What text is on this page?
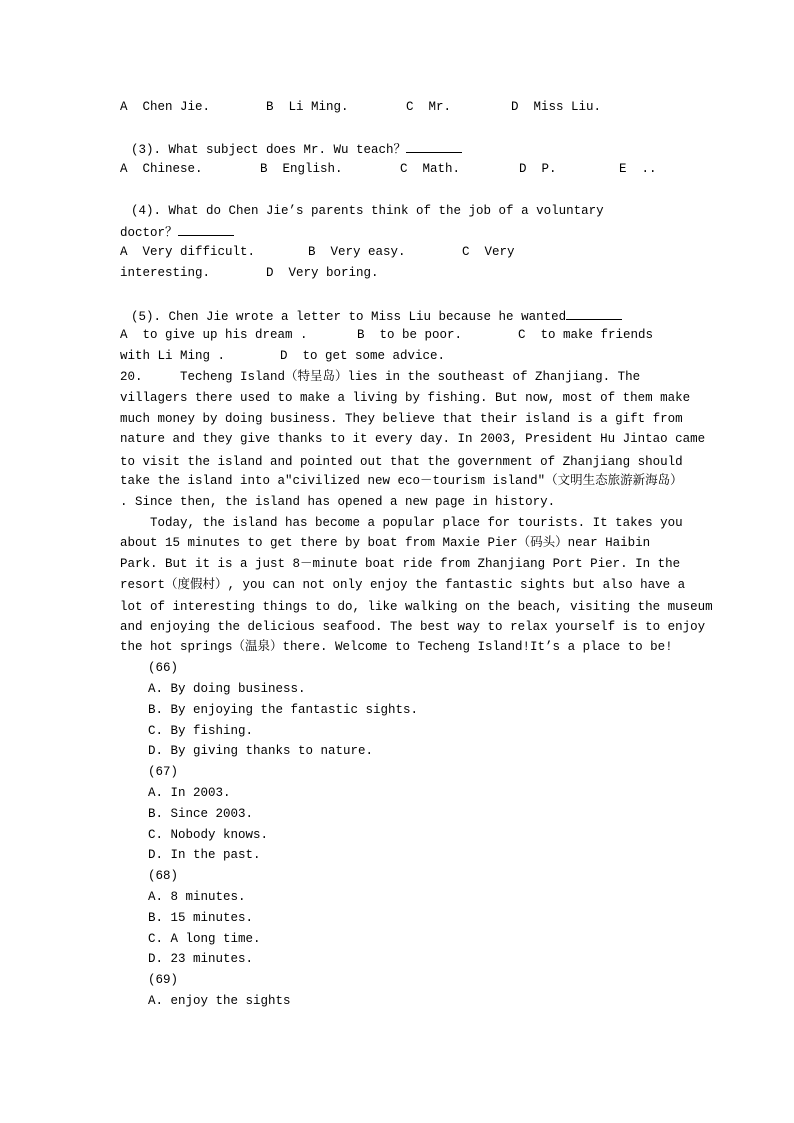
A  Chen Jie.	B  Li Ming.	C  Mr.	D  Miss Liu.
(3). What subject does Mr. Wu teach？
A  Chinese.	B  English.	C  Math.	D  P.	E  ..
(4). What do Chen Jie’s parents think of the job of a voluntary
doctor？
A  Very difficult.	B  Very easy.	C  Very
interesting.	D  Very boring.
(5). Chen Jie wrote a letter to Miss Liu because he wanted
A  to give up his dream .	B  to be poor.	C  to make friends
with Li Ming .	D  to get some advice.
20.     Techeng Island（特呈岛）lies in the southeast of Zhanjiang. The
villagers there used to make a living by fishing. But now, most of them make
much money by doing business. They believe that their island is a gift from
nature and they give thanks to it every day. In 2003, President Hu Jintao came
to visit the island and pointed out that the government of Zhanjiang should
take the island into a"civilized new eco－tourism island"（文明生态旅游新海岛）
. Since then, the island has opened a new page in history.
Today, the island has become a popular place for tourists. It takes you
about 15 minutes to get there by boat from Maxie Pier（码头）near Haibin
Park. But it is a just 8－minute boat ride from Zhanjiang Port Pier. In the
resort（度假村）, you can not only enjoy the fantastic sights but also have a
lot of interesting things to do, like walking on the beach, visiting the museum
and enjoying the delicious seafood. The best way to relax yourself is to enjoy
the hot springs（温泉）there. Welcome to Techeng Island!It’s a place to be!
(66)
A. By doing business.
B. By enjoying the fantastic sights.
C. By fishing.
D. By giving thanks to nature.
(67)
A. In 2003.
B. Since 2003.
C. Nobody knows.
D. In the past.
(68)
A. 8 minutes.
B. 15 minutes.
C. A long time.
D. 23 minutes.
(69)
A. enjoy the sights
